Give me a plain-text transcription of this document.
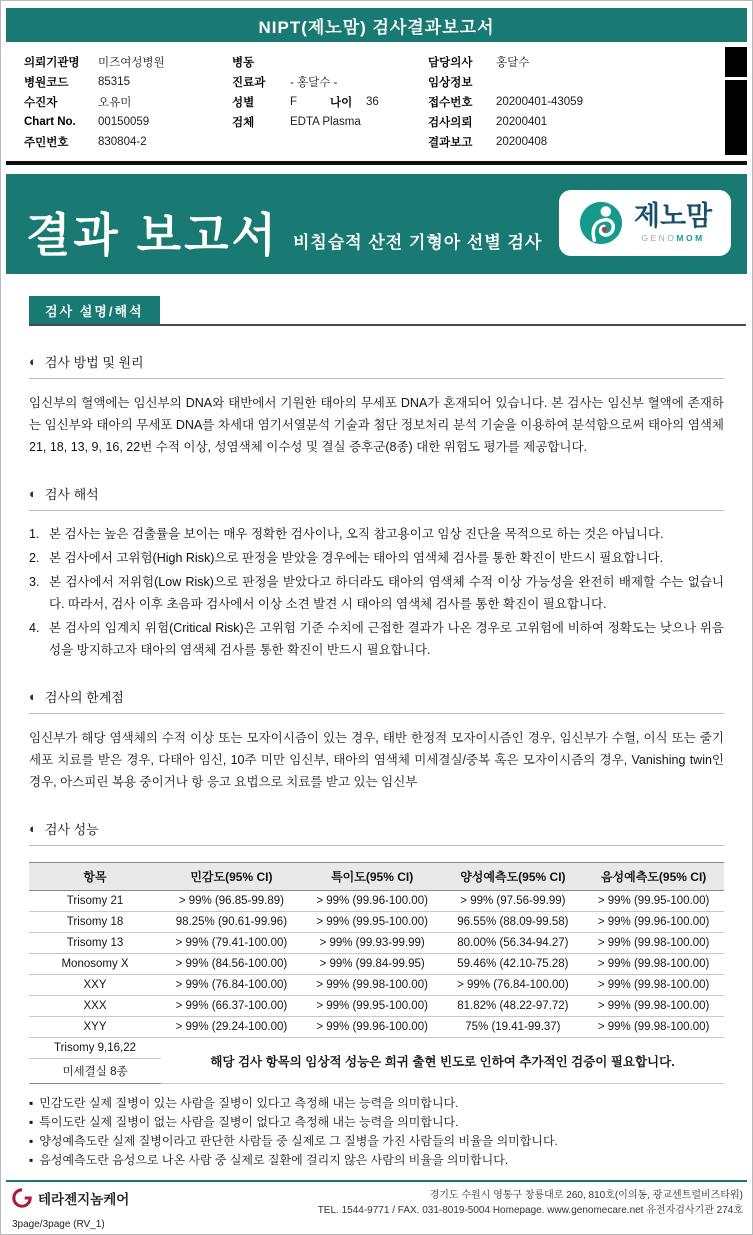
NIPT(제노맘) 검사결과보고서
의뢰기관명	미즈여성병원
병원코드	85315
수진자	오유미
Chart No.	00150059
주민번호	830804-2
병동
진료과	- 홍달수 -
성별	F	나이	36
검체	EDTA Plasma
담당의사	홍달수
임상정보
접수번호	20200401-43059
검사의뢰	20200401
결과보고	20200408
결과 보고서 비침습적 산전 기형아 선별 검사
제노맘
GENOMOM
검사 설명/해석
◐ 검사 방법 및 원리

임신부의 혈액에는 임신부의 DNA와 태반에서 기원한 태아의 무세포 DNA가 혼재되어 있습니다. 본 검사는 임신부 혈액에 존재하는 임신부와 태아의 무세포 DNA를 차세대 염기서열분석 기술과 첨단 정보처리 분석 기술을 이용하여 분석함으로써 태아의 염색체 21, 18, 13, 9, 16, 22번 수적 이상, 성염색체 이수성 및 결실 증후군(8종) 대한 위험도 평가를 제공합니다.

◐ 검사 해석
1. 본 검사는 높은 검출률을 보이는 매우 정확한 검사이나, 오직 참고용이고 임상 진단을 목적으로 하는 것은 아닙니다.
2. 본 검사에서 고위험(High Risk)으로 판정을 받았을 경우에는 태아의 염색체 검사를 통한 확진이 반드시 필요합니다.
3. 본 검사에서 저위험(Low Risk)으로 판정을 받았다고 하더라도 태아의 염색체 수적 이상 가능성을 완전히 배제할 수는 없습니다. 따라서, 검사 이후 초음파 검사에서 이상 소견 발견 시 태아의 염색체 검사를 통한 확진이 필요합니다.
4. 본 검사의 임계치 위험(Critical Risk)은 고위험 기준 수치에 근접한 결과가 나온 경우로 고위험에 비하여 정확도는 낮으나 위음성을 방지하고자 태아의 염색체 검사를 통한 확진이 반드시 필요합니다.
◐ 검사의 한계점

임신부가 해당 염색체의 수적 이상 또는 모자이시즘이 있는 경우, 태반 한정적 모자이시즘인 경우, 임신부가 수혈, 이식 또는 줄기 세포 치료를 받은 경우, 다태아 임신, 10주 미만 임신부, 태아의 염색체 미세결실/중복 혹은 모자이시즘의 경우, Vanishing twin인 경우, 아스피린 복용 중이거나 항 응고 요법으로 치료를 받고 있는 임신부

◐ 검사 성능
항목	민감도(95% CI)	특이도(95% CI)	양성예측도(95% CI)	음성예측도(95% CI)
Trisomy 21	> 99% (96.85-99.89)	> 99% (99.96-100.00)	> 99% (97.56-99.99)	> 99% (99.95-100.00)
Trisomy 18	98.25% (90.61-99.96)	> 99% (99.95-100.00)	96.55% (88.09-99.58)	> 99% (99.96-100.00)
Trisomy 13	> 99% (79.41-100.00)	> 99% (99.93-99.99)	80.00% (56.34-94.27)	> 99% (99.98-100.00)
Monosomy X	> 99% (84.56-100.00)	> 99% (99.84-99.95)	59.46% (42.10-75.28)	> 99% (99.98-100.00)
XXY	> 99% (76.84-100.00)	> 99% (99.98-100.00)	> 99% (76.84-100.00)	> 99% (99.98-100.00)
XXX	> 99% (66.37-100.00)	> 99% (99.95-100.00)	81.82% (48.22-97.72)	> 99% (99.98-100.00)
XYY	> 99% (29.24-100.00)	> 99% (99.96-100.00)	75% (19.41-99.37)	> 99% (99.98-100.00)
Trisomy 9,16,22	해당 검사 항목의 임상적 성능은 희귀 출현 빈도로 인하여 추가적인 검증이 필요합니다.			
미세결실 8종				
▪ 민감도란 실제 질병이 있는 사람을 질병이 있다고 측정해 내는 능력을 의미합니다.
▪ 특이도란 실제 질병이 없는 사람을 질병이 없다고 측정해 내는 능력을 의미합니다.
▪ 양성예측도란 실제 질병이라고 판단한 사람들 중 실제로 그 질병을 가진 사람들의 비율을 의미합니다.
▪ 음성예측도란 음성으로 나온 사람 중 실제로 질환에 걸리지 않은 사람의 비율을 의미합니다.
테라젠지놈케어
3page/3page (RV_1)
경기도 수원시 영통구 창룡대로 260, 810호(이의동, 광교센트럴비즈타워)
TEL. 1544-9771 / FAX. 031-8019-5004 Homepage. www.genomecare.net 유전자검사기관 274호
